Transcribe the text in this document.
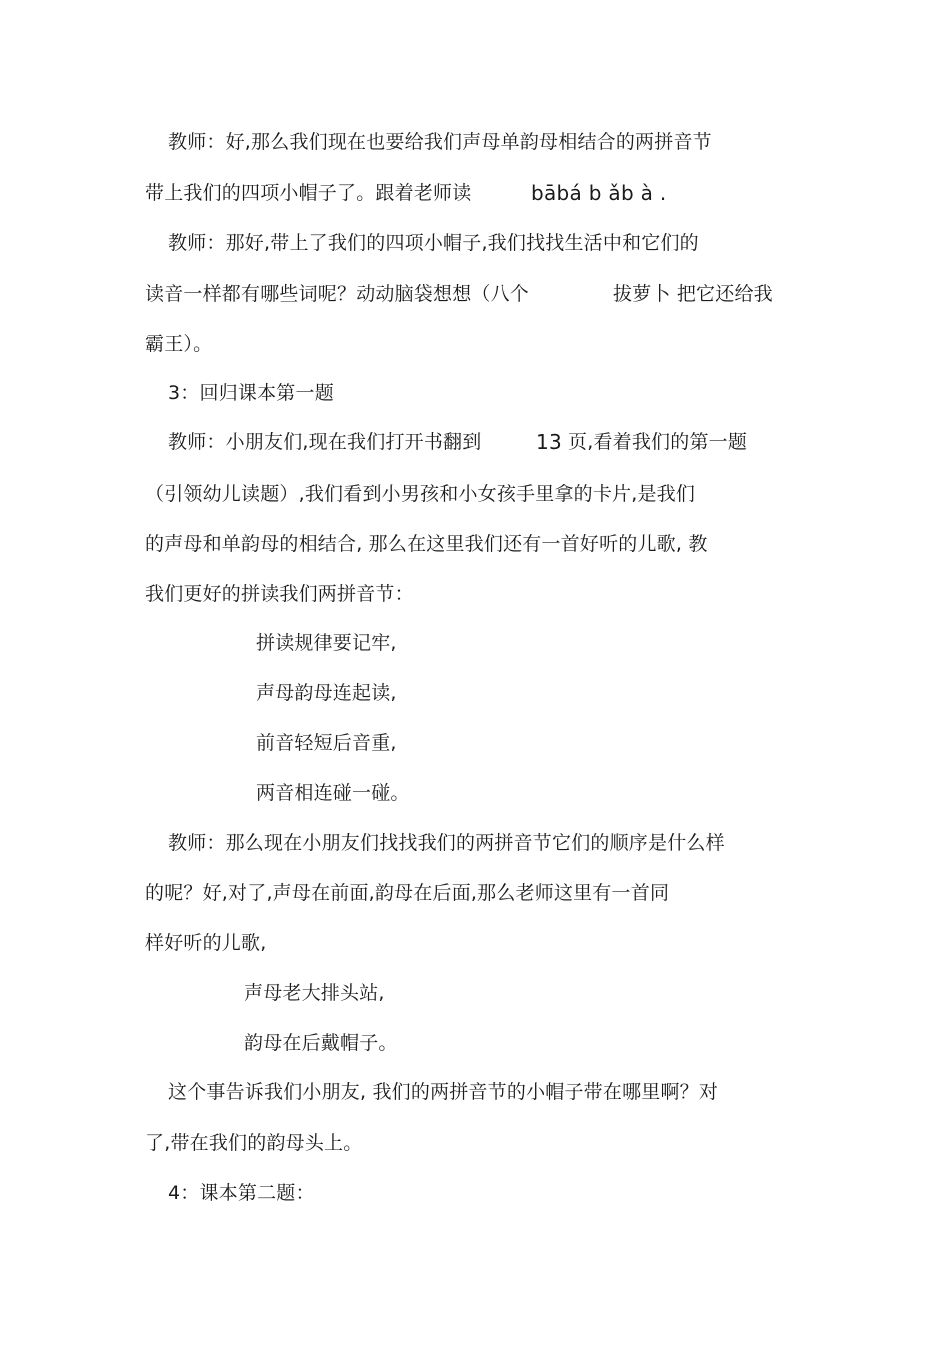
教师：好,那么我们现在也要给我们声母单韵母相结合的两拼音节

带上我们的四项小帽子了。跟着老师读	bābá b ǎb à .

教师：那好,带上了我们的四项小帽子,我们找找生活中和它们的

读音一样都有哪些词呢？动动脑袋想想（八个	拔萝卜 把它还给我

霸王）。

3：回归课本第一题

教师：小朋友们,现在我们打开书翻到	13 页,看着我们的第一题

（引领幼儿读题）,我们看到小男孩和小女孩手里拿的卡片,是我们

的声母和单韵母的相结合, 那么在这里我们还有一首好听的儿歌, 教

我们更好的拼读我们两拼音节：

拼读规律要记牢,

声母韵母连起读,

前音轻短后音重,

两音相连碰一碰。

教师：那么现在小朋友们找找我们的两拼音节它们的顺序是什么样

的呢？好,对了,声母在前面,韵母在后面,那么老师这里有一首同

样好听的儿歌,

声母老大排头站,

韵母在后戴帽子。

这个事告诉我们小朋友, 我们的两拼音节的小帽子带在哪里啊？对

了,带在我们的韵母头上。

4：课本第二题：
